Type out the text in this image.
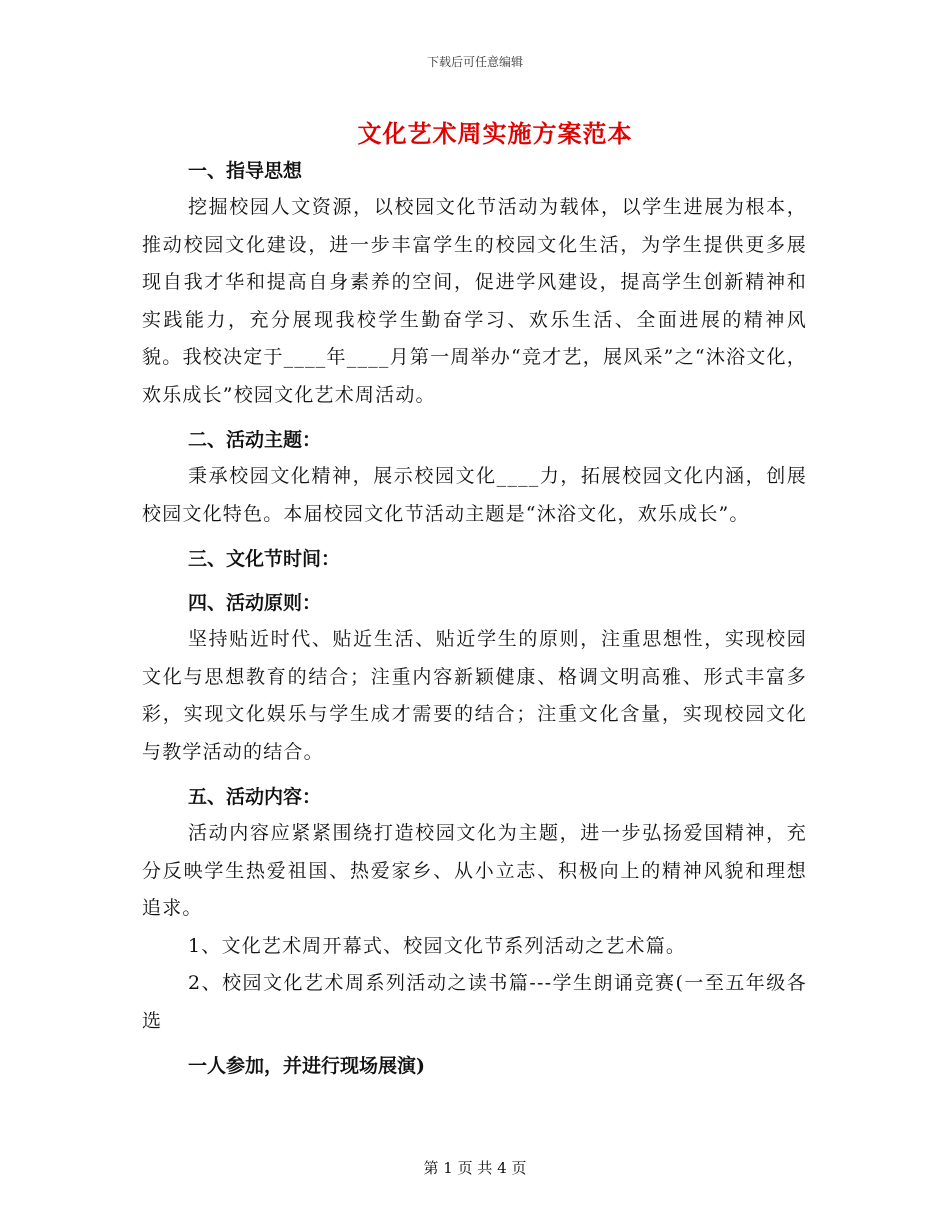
下载后可任意编辑
文化艺术周实施方案范本
一、指导思想
挖掘校园人文资源，以校园文化节活动为载体，以学生进展为根本，推动校园文化建设，进一步丰富学生的校园文化生活，为学生提供更多展现自我才华和提高自身素养的空间，促进学风建设，提高学生创新精神和实践能力，充分展现我校学生勤奋学习、欢乐生活、全面进展的精神风貌。我校决定于____年____月第一周举办“竞才艺，展风采”之“沐浴文化，欢乐成长”校园文化艺术周活动。
二、活动主题：
秉承校园文化精神，展示校园文化____力，拓展校园文化内涵，创展校园文化特色。本届校园文化节活动主题是“沐浴文化，欢乐成长”。
三、文化节时间：
四、活动原则：
坚持贴近时代、贴近生活、贴近学生的原则，注重思想性，实现校园文化与思想教育的结合；注重内容新颖健康、格调文明高雅、形式丰富多彩，实现文化娱乐与学生成才需要的结合；注重文化含量，实现校园文化与教学活动的结合。
五、活动内容：
活动内容应紧紧围绕打造校园文化为主题，进一步弘扬爱国精神，充分反映学生热爱祖国、热爱家乡、从小立志、积极向上的精神风貌和理想追求。
1、文化艺术周开幕式、校园文化节系列活动之艺术篇。
2、校园文化艺术周系列活动之读书篇---学生朗诵竞赛(一至五年级各选
一人参加，并进行现场展演)
第 1 页 共 4 页
